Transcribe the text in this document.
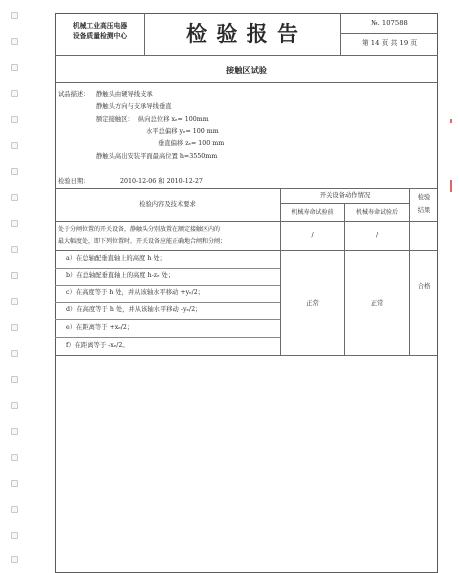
机械工业高压电器
设备质量检测中心	检 验 报 告	№. 107588
第 14 页 共 19 页
接触区试验
试品描述： 静触头由硬导线支承
静触头方向与支承导线垂直
额定接触区： 纵向总位移 xₑ= 100mm
水平总偏移 yₑ= 100 mm
垂直偏移 zₑ= 100 mm
静触头高出安装平面最高位置 h=3550mm
检验日期：	2010-12-06 和 2010-12-27
检验内容及技术要求
开关设备动作情况
机械寿命试验前	机械寿命试验后
检验
结果
处于分闸位置的开关设备，静触头分别放置在额定接触区内的
最大幅度处，即下列位置时，开关设备应能正确地合闸和分闸；
/	/
a）在总轴配垂直轴上的高度 h 处；
b）在总轴配垂直轴上的高度 h-zₑ 处；
c）在高度等于 h 处，并从该轴水平移动 +yₑ/2；
d）在高度等于 h 处，并从该轴水平移动 -yₑ/2；
e）在距离等于 +xₑ/2；
f）在距离等于 -xₑ/2。
正常	正常
合格
